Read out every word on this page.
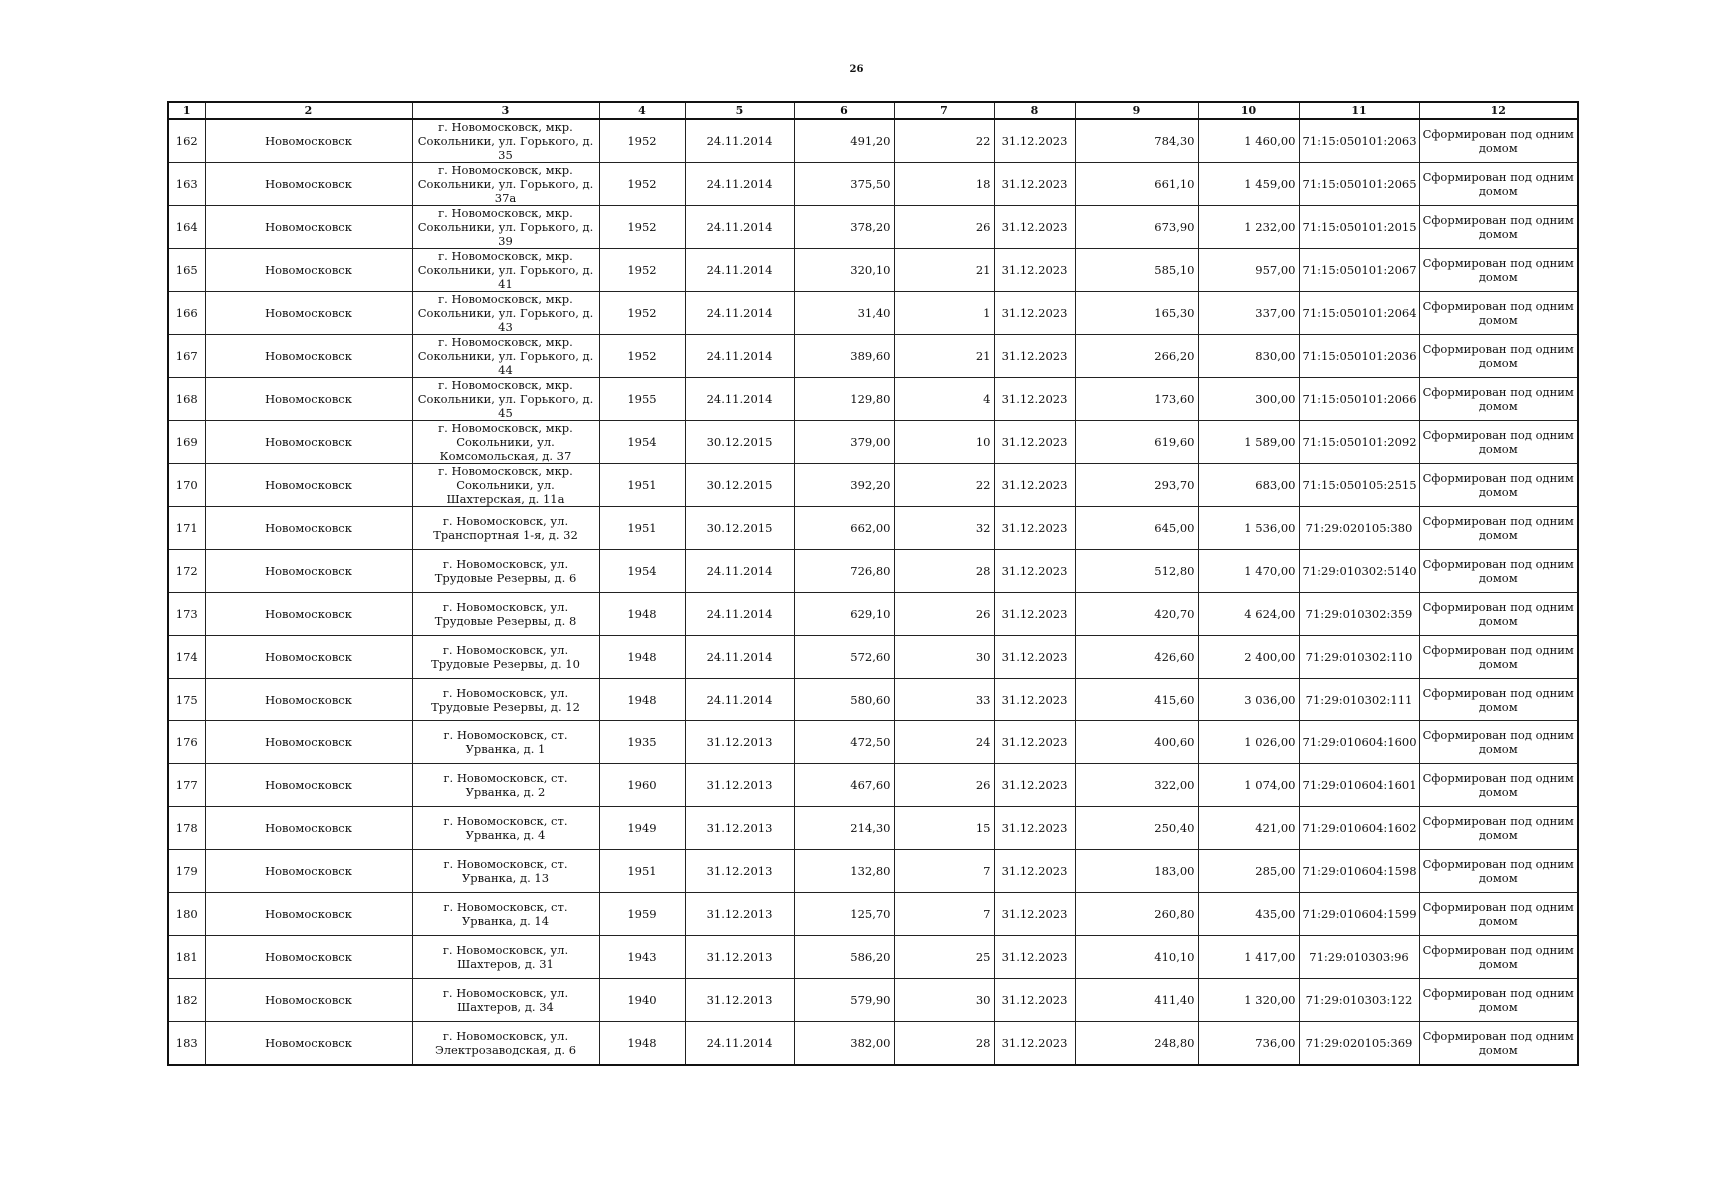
26
1	2	3	4	5	6	7	8	9	10	11	12
162	Новомосковск	г. Новомосковск, мкр. Сокольники, ул. Горького, д. 35	1952	24.11.2014	491,20	22	31.12.2023	784,30	1 460,00	71:15:050101:2063	Сформирован под одним домом
163	Новомосковск	г. Новомосковск, мкр. Сокольники, ул. Горького, д. 37а	1952	24.11.2014	375,50	18	31.12.2023	661,10	1 459,00	71:15:050101:2065	Сформирован под одним домом
164	Новомосковск	г. Новомосковск, мкр. Сокольники, ул. Горького, д. 39	1952	24.11.2014	378,20	26	31.12.2023	673,90	1 232,00	71:15:050101:2015	Сформирован под одним домом
165	Новомосковск	г. Новомосковск, мкр. Сокольники, ул. Горького, д. 41	1952	24.11.2014	320,10	21	31.12.2023	585,10	957,00	71:15:050101:2067	Сформирован под одним домом
166	Новомосковск	г. Новомосковск, мкр. Сокольники, ул. Горького, д. 43	1952	24.11.2014	31,40	1	31.12.2023	165,30	337,00	71:15:050101:2064	Сформирован под одним домом
167	Новомосковск	г. Новомосковск, мкр. Сокольники, ул. Горького, д. 44	1952	24.11.2014	389,60	21	31.12.2023	266,20	830,00	71:15:050101:2036	Сформирован под одним домом
168	Новомосковск	г. Новомосковск, мкр. Сокольники, ул. Горького, д. 45	1955	24.11.2014	129,80	4	31.12.2023	173,60	300,00	71:15:050101:2066	Сформирован под одним домом
169	Новомосковск	г. Новомосковск, мкр. Сокольники, ул. Комсомольская, д. 37	1954	30.12.2015	379,00	10	31.12.2023	619,60	1 589,00	71:15:050101:2092	Сформирован под одним домом
170	Новомосковск	г. Новомосковск, мкр. Сокольники, ул. Шахтерская, д. 11а	1951	30.12.2015	392,20	22	31.12.2023	293,70	683,00	71:15:050105:2515	Сформирован под одним домом
171	Новомосковск	г. Новомосковск, ул. Транспортная 1-я, д. 32	1951	30.12.2015	662,00	32	31.12.2023	645,00	1 536,00	71:29:020105:380	Сформирован под одним домом
172	Новомосковск	г. Новомосковск, ул. Трудовые Резервы, д. 6	1954	24.11.2014	726,80	28	31.12.2023	512,80	1 470,00	71:29:010302:5140	Сформирован под одним домом
173	Новомосковск	г. Новомосковск, ул. Трудовые Резервы, д. 8	1948	24.11.2014	629,10	26	31.12.2023	420,70	4 624,00	71:29:010302:359	Сформирован под одним домом
174	Новомосковск	г. Новомосковск, ул. Трудовые Резервы, д. 10	1948	24.11.2014	572,60	30	31.12.2023	426,60	2 400,00	71:29:010302:110	Сформирован под одним домом
175	Новомосковск	г. Новомосковск, ул. Трудовые Резервы, д. 12	1948	24.11.2014	580,60	33	31.12.2023	415,60	3 036,00	71:29:010302:111	Сформирован под одним домом
176	Новомосковск	г. Новомосковск, ст. Урванка, д. 1	1935	31.12.2013	472,50	24	31.12.2023	400,60	1 026,00	71:29:010604:1600	Сформирован под одним домом
177	Новомосковск	г. Новомосковск, ст. Урванка, д. 2	1960	31.12.2013	467,60	26	31.12.2023	322,00	1 074,00	71:29:010604:1601	Сформирован под одним домом
178	Новомосковск	г. Новомосковск, ст. Урванка, д. 4	1949	31.12.2013	214,30	15	31.12.2023	250,40	421,00	71:29:010604:1602	Сформирован под одним домом
179	Новомосковск	г. Новомосковск, ст. Урванка, д. 13	1951	31.12.2013	132,80	7	31.12.2023	183,00	285,00	71:29:010604:1598	Сформирован под одним домом
180	Новомосковск	г. Новомосковск, ст. Урванка, д. 14	1959	31.12.2013	125,70	7	31.12.2023	260,80	435,00	71:29:010604:1599	Сформирован под одним домом
181	Новомосковск	г. Новомосковск, ул. Шахтеров, д. 31	1943	31.12.2013	586,20	25	31.12.2023	410,10	1 417,00	71:29:010303:96	Сформирован под одним домом
182	Новомосковск	г. Новомосковск, ул. Шахтеров, д. 34	1940	31.12.2013	579,90	30	31.12.2023	411,40	1 320,00	71:29:010303:122	Сформирован под одним домом
183	Новомосковск	г. Новомосковск, ул. Электрозаводская, д. 6	1948	24.11.2014	382,00	28	31.12.2023	248,80	736,00	71:29:020105:369	Сформирован под одним домом
